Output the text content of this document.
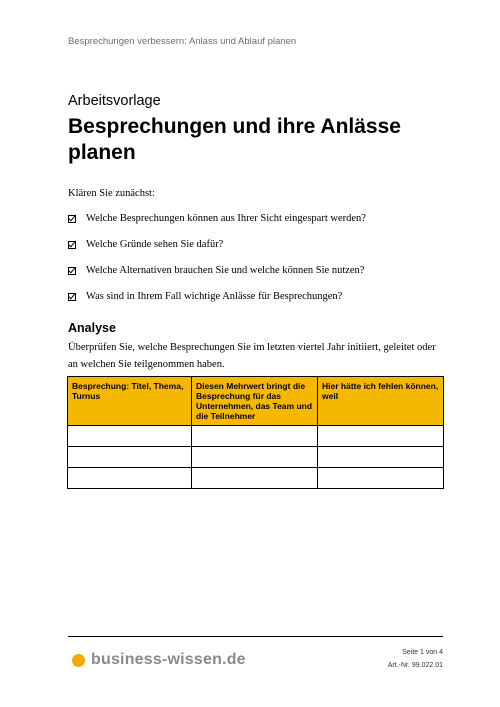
Besprechungen verbessern: Anlass und Ablauf planen
Arbeitsvorlage
Besprechungen und ihre Anlässe planen
Klären Sie zunächst:
Welche Besprechungen können aus Ihrer Sicht eingespart werden?
Welche Gründe sehen Sie dafür?
Welche Alternativen brauchen Sie und welche können Sie nutzen?
Was sind in Ihrem Fall wichtige Anlässe für Besprechungen?
Analyse
Überprüfen Sie, welche Besprechungen Sie im letzten viertel Jahr initiiert, geleitet oder an welchen Sie teilgenommen haben.
Besprechung: Titel, Thema, Turnus	Diesen Mehrwert bringt die Besprechung für das Unternehmen, das Team und die Teilnehmer	Hier hätte ich fehlen können, weil

business-wissen.de	Seite 1 von 4
Art.-Nr. 99.022.01
